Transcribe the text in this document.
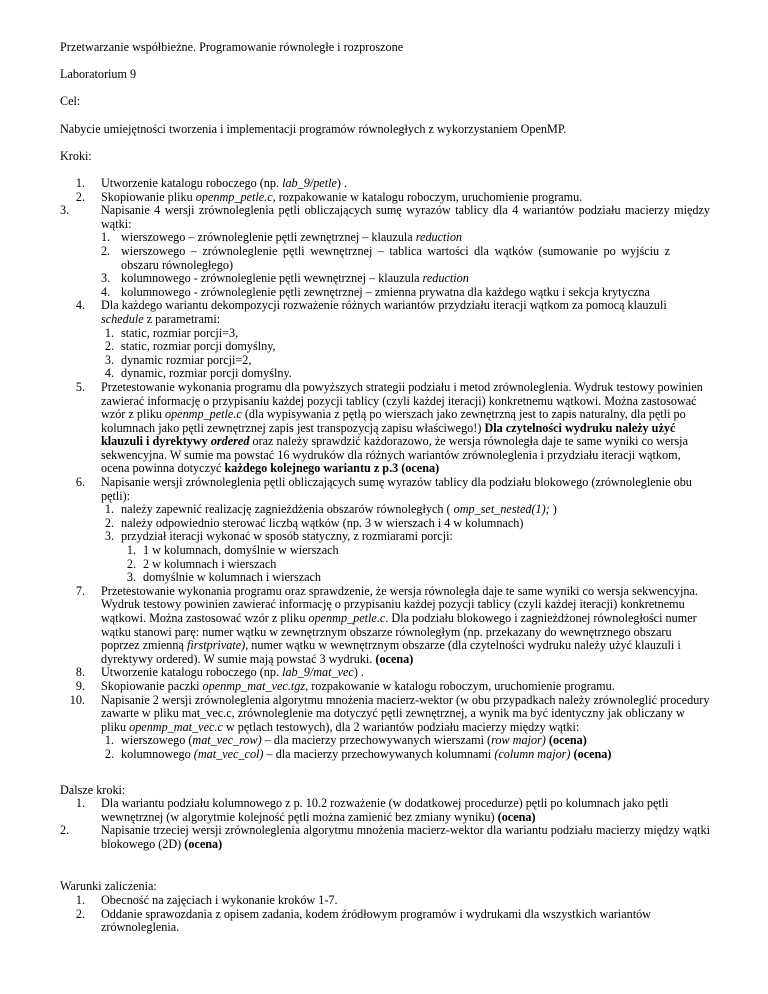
Przetwarzanie współbieżne. Programowanie równoległe i rozproszone
Laboratorium 9
Cel:
Nabycie umiejętności tworzenia i implementacji programów równoległych z wykorzystaniem OpenMP.
Kroki:
1. Utworzenie katalogu roboczego (np. lab_9/petle) .
2. Skopiowanie pliku openmp_petle.c, rozpakowanie w katalogu roboczym, uruchomienie programu.
3.	Napisanie 4 wersji zrównoleglenia pętli obliczających sumę wyrazów tablicy dla 4 wariantów podziału macierzy między wątki:
1. wierszowego – zrównoleglenie pętli zewnętrznej – klauzula reduction
2. wierszowego – zrównoleglenie pętli wewnętrznej – tablica wartości dla wątków (sumowanie po wyjściu z obszaru równoległego)
3. kolumnowego - zrównoleglenie pętli wewnętrznej – klauzula reduction
4. kolumnowego - zrównoleglenie pętli zewnętrznej – zmienna prywatna dla każdego wątku i sekcja krytyczna
4. Dla każdego wariantu dekompozycji rozważenie różnych wariantów przydziału iteracji wątkom za pomocą klauzuli schedule z parametrami:
1. static, rozmiar porcji=3,
2. static, rozmiar porcji domyślny,
3. dynamic rozmiar porcji=2,
4. dynamic, rozmiar porcji domyślny.
5. Przetestowanie wykonania programu dla powyższych strategii podziału i metod zrównoleglenia. Wydruk testowy powinien zawierać informację o przypisaniu każdej pozycji tablicy (czyli każdej iteracji) konkretnemu wątkowi. Można zastosować wzór z pliku openmp_petle.c (dla wypisywania z pętlą po wierszach jako zewnętrzną jest to zapis naturalny, dla pętli po kolumnach jako pętli zewnętrznej zapis jest transpozycją zapisu właściwego!) Dla czytelności wydruku należy użyć klauzuli i dyrektywy ordered oraz należy sprawdzić każdorazowo, że wersja równoległa daje te same wyniki co wersja sekwencyjna. W sumie ma powstać 16 wydruków dla różnych wariantów zrównoleglenia i przydziału iteracji wątkom, ocena powinna dotyczyć każdego kolejnego wariantu z p.3 (ocena)
6. Napisanie wersji zrównoleglenia pętli obliczających sumę wyrazów tablicy dla podziału blokowego (zrównoleglenie obu pętli):
1. należy zapewnić realizację zagnieżdżenia obszarów równoległych ( omp_set_nested(1); )
2. należy odpowiednio sterować liczbą wątków (np. 3 w wierszach i 4 w kolumnach)
3. przydział iteracji wykonać w sposób statyczny, z rozmiarami porcji:
1. 1 w kolumnach, domyślnie w wierszach
2. 2 w kolumnach i wierszach
3. domyślnie w kolumnach i wierszach
7. Przetestowanie wykonania programu oraz sprawdzenie, że wersja równoległa daje te same wyniki co wersja sekwencyjna. Wydruk testowy powinien zawierać informację o przypisaniu każdej pozycji tablicy (czyli każdej iteracji) konkretnemu wątkowi. Można zastosować wzór z pliku openmp_petle.c. Dla podziału blokowego i zagnieżdżonej równoległości numer wątku stanowi parę: numer wątku w zewnętrznym obszarze równoległym (np. przekazany do wewnętrznego obszaru poprzez zmienną firstprivate), numer wątku w wewnętrznym obszarze (dla czytelności wydruku należy użyć klauzuli i dyrektywy ordered). W sumie mają powstać 3 wydruki. (ocena)
8. Utworzenie katalogu roboczego (np. lab_9/mat_vec) .
9. Skopiowanie paczki openmp_mat_vec.tgz, rozpakowanie w katalogu roboczym, uruchomienie programu.
10. Napisanie 2 wersji zrównoleglenia algorytmu mnożenia macierz-wektor (w obu przypadkach należy zrównoleglić procedury zawarte w pliku mat_vec.c, zrównoleglenie ma dotyczyć pętli zewnętrznej, a wynik ma być identyczny jak obliczany w pliku openmp_mat_vec.c w pętlach testowych), dla 2 wariantów podziału macierzy między wątki:
1. wierszowego (mat_vec_row) – dla macierzy przechowywanych wierszami (row major) (ocena)
2. kolumnowego (mat_vec_col) – dla macierzy przechowywanych kolumnami (column major) (ocena)
Dalsze kroki:
1. Dla wariantu podziału kolumnowego z p. 10.2 rozważenie (w dodatkowej procedurze) pętli po kolumnach jako pętli wewnętrznej (w algorytmie kolejność pętli można zamienić bez zmiany wyniku) (ocena)
2.	Napisanie trzeciej wersji zrównoleglenia algorytmu mnożenia macierz-wektor dla wariantu podziału macierzy między wątki blokowego (2D) (ocena)
Warunki zaliczenia:
1. Obecność na zajęciach i wykonanie kroków 1-7.
2. Oddanie sprawozdania z opisem zadania, kodem źródłowym programów i wydrukami dla wszystkich wariantów zrównoleglenia.
